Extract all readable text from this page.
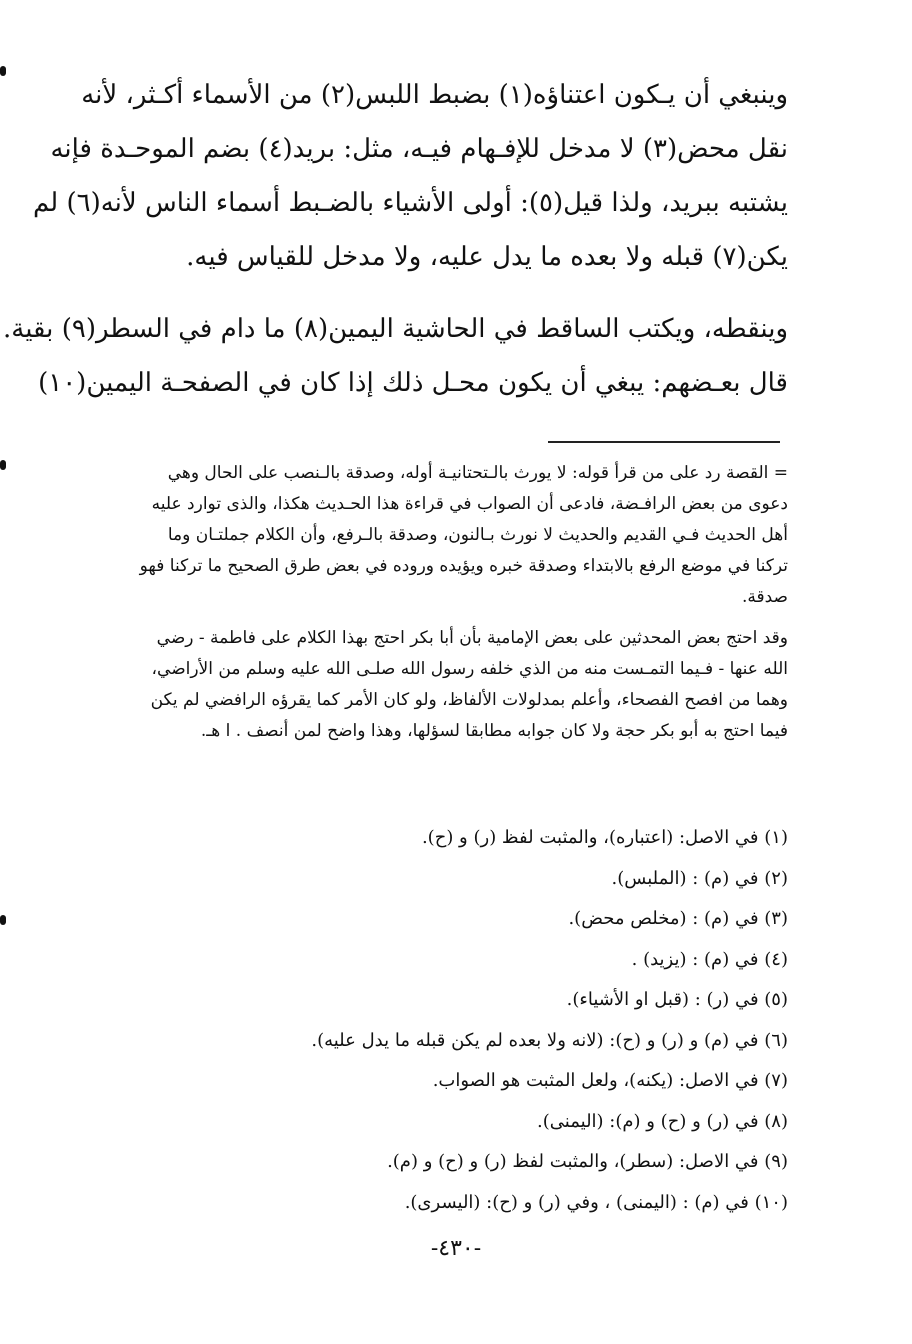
وينبغي أن يـكون اعتناؤه(١) بضبط اللبس(٢) من الأسماء أكـثر، لأنه
نقل محض(٣) لا مدخل للإفـهام فيـه، مثل: بريد(٤) بضم الموحـدة فإنه
يشتبه ببريد، ولذا قيل(٥): أولى الأشياء بالضـبط أسماء الناس لأنه(٦) لم
يكن(٧) قبله ولا بعده ما يدل عليه، ولا مدخل للقياس فيه.
وينقطه، ويكتب الساقط في الحاشية اليمين(٨) ما دام في السطر(٩) بقية.
قال بعـضهم: يبغي أن يكون محـل ذلك إذا كان في الصفحـة اليمين(١٠)
= القصة رد على من قرأ قوله: لا يورث بالـتحتانيـة أوله، وصدقة بالـنصب على الحال وهي
دعوى من بعض الرافـضة، فادعى أن الصواب في قراءة هذا الحـديث هكذا، والذى توارد عليه
أهل الحديث فـي القديم والحديث لا نورث بـالنون، وصدقة بالـرفع، وأن الكلام جملتـان وما
تركنا في موضع الرفع بالابتداء وصدقة خبره ويؤيده وروده في بعض طرق الصحيح ما تركنا فهو
صدقة.
وقد احتج بعض المحدثين على بعض الإمامية بأن أبا بكر احتج بهذا الكلام على فاطمة - رضي
الله عنها - فـيما التمـست منه من الذي خلفه رسول الله صلـى الله عليه وسلم من الأراضي،
وهما من افصح الفصحاء، وأعلم بمدلولات الألفاظ، ولو كان الأمر كما يقرؤه الرافضي لم يكن
فيما احتج به أبو بكر حجة ولا كان جوابه مطابقا لسؤلها، وهذا واضح لمن أنصف . ا هـ.
(١) في الاصل: (اعتباره)، والمثبت لفظ (ر) و (ح).
(٢) في (م) : (الملبس).
(٣) في (م) : (مخلص محض).
(٤) في (م) : (يزيد) .
(٥) في (ر) : (قبل او الأشياء).
(٦) في (م) و (ر) و (ح): (لانه ولا بعده لم يكن قبله ما يدل عليه).
(٧) في الاصل: (يكنه)، ولعل المثبت هو الصواب.
(٨) في (ر) و (ح) و (م): (اليمنى).
(٩) في الاصل: (سطر)، والمثبت لفظ (ر) و (ح) و (م).
(١٠) في (م) : (اليمنى) ، وفي (ر) و (ح): (اليسرى).
-٤٣٠-
